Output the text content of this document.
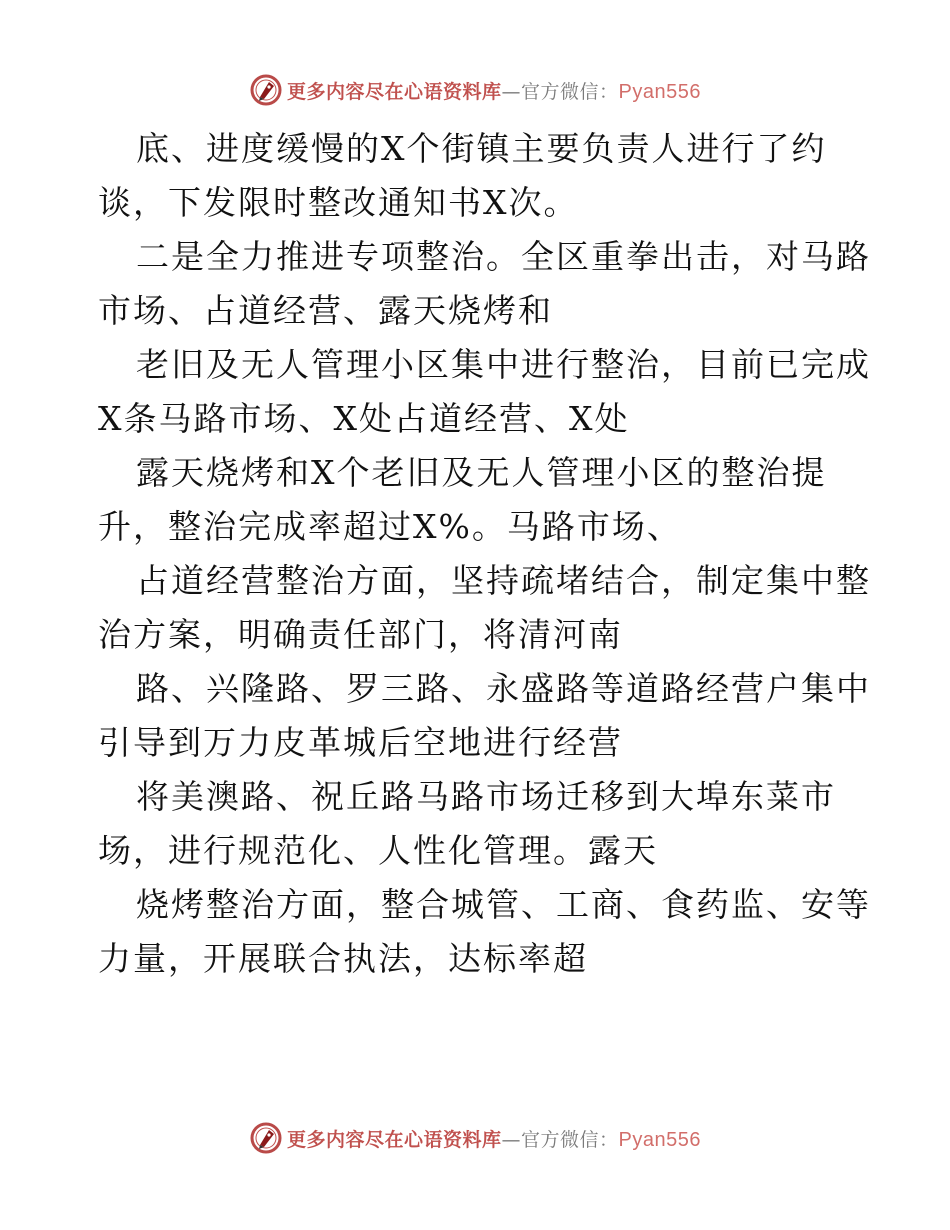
更多内容尽在心语资料库—官方微信：Pyan556
底、进度缓慢的X个街镇主要负责人进行了约
谈，下发限时整改通知书X次。
二是全力推进专项整治。全区重拳出击，对马路
市场、占道经营、露天烧烤和
老旧及无人管理小区集中进行整治，目前已完成
X条马路市场、X处占道经营、X处
露天烧烤和X个老旧及无人管理小区的整治提
升，整治完成率超过X%。马路市场、
占道经营整治方面，坚持疏堵结合，制定集中整
治方案，明确责任部门，将清河南
路、兴隆路、罗三路、永盛路等道路经营户集中
引导到万力皮革城后空地进行经营
将美澳路、祝丘路马路市场迁移到大埠东菜市
场，进行规范化、人性化管理。露天
烧烤整治方面，整合城管、工商、食药监、安等
力量，开展联合执法，达标率超
更多内容尽在心语资料库—官方微信：Pyan556
